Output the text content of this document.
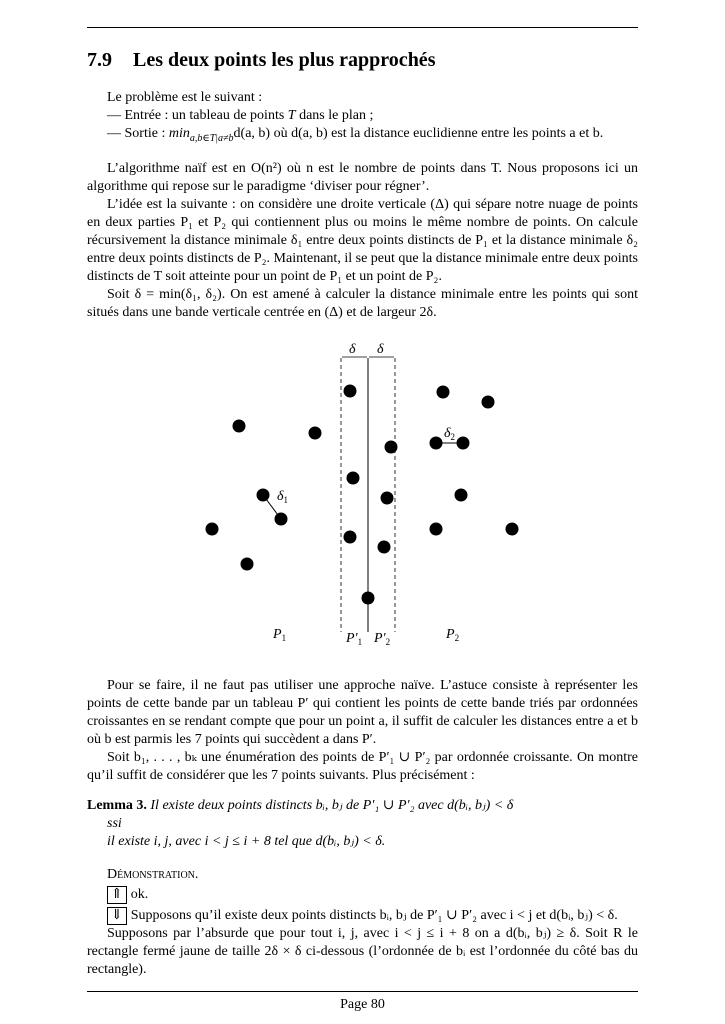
7.9 Les deux points les plus rapprochés

Le problème est le suivant :

— Entrée : un tableau de points T dans le plan ;

— Sortie : $\min_{a,b\in T|a\ne b}d(a$, b) où d(a, b) est la distance euclidienne entre les points a et b.

L’algorithme naïf est en O(n²) où n est le nombre de points dans T. Nous proposons ici un algorithme qui repose sur le paradigme ‘diviser pour régner’.

L’idée est la suivante : on considère une droite verticale (Δ) qui sépare notre nuage de points en deux parties P₁ et P₂ qui contiennent plus ou moins le même nombre de points. On calcule récursivement la distance minimale δ₁ entre deux points distincts de P₁ et la distance minimale δ₂ entre deux points distincts de P₂. Maintenant, il se peut que la distance minimale entre deux points distincts de T soit atteinte pour un point de P₁ et un point de P₂.

Soit δ = min(δ₁, δ₂). On est amené à calculer la distance minimale entre les points qui sont situés dans une bande verticale centrée en (Δ) et de largeur 2δ.

δ δ
$\delta_1$
$\delta_2$
$P_1$	$P_2$
$P'_1$ $P'_2$

Pour se faire, il ne faut pas utiliser une approche naïve. L’astuce consiste à représenter les points de cette bande par un tableau P′ qui contient les points de cette bande triés par ordonnées croissantes en se rendant compte que pour un point a, il suffit de calculer les distances entre a et b où b est parmis les 7 points qui succèdent a dans P′.

Soit b₁, . . . , bₖ une énumération des points de P′₁ ∪ P′₂ par ordonnée croissante. On montre qu’il suffit de considérer que les 7 points suivants. Plus précisément :

Lemma 3. Il existe deux points distincts bᵢ, bⱼ de P′₁ ∪ P′₂ avec d(bᵢ, bⱼ) < δ

ssi

il existe i, j, avec i < j ≤ i + 8 tel que d(bᵢ, bⱼ) < δ.

Démonstration.

⇑ ok.

⇓ Supposons qu’il existe deux points distincts bᵢ, bⱼ de P′₁ ∪ P′₂ avec i < j et d(bᵢ, bⱼ) < δ.

Supposons par l’absurde que pour tout i, j, avec i < j ≤ i + 8 on a d(bᵢ, bⱼ) ≥ δ. Soit R le rectangle fermé jaune de taille 2δ × δ ci-dessous (l’ordonnée de bᵢ est l’ordonnée du côté bas du rectangle).

Page 80
